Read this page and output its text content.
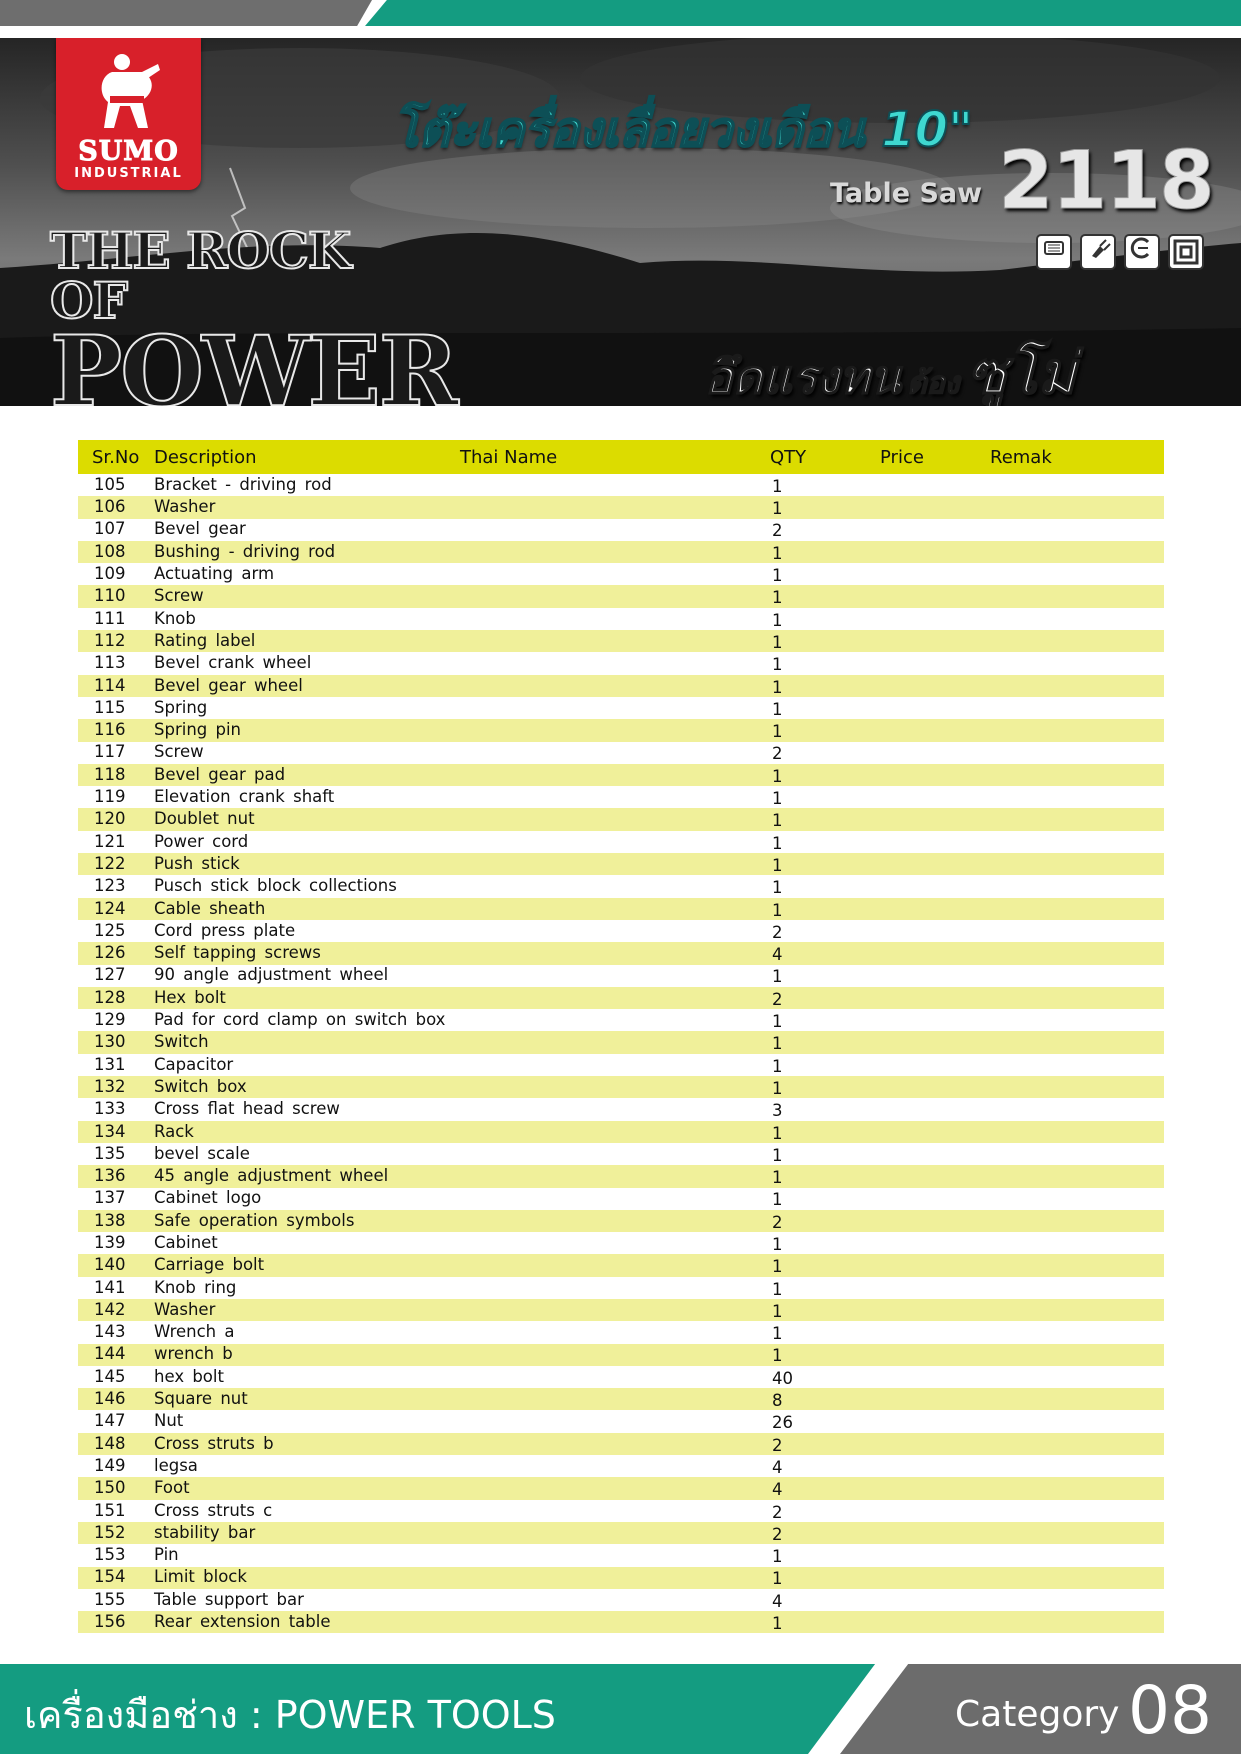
SUMO
INDUSTRIAL
THE ROCK OF
POWER
โต๊ะเครื่องเลื่อยวงเดือน 10"
Table Saw 2118
อึดแรงทน ต้อง ซูโม่
Sr.No	Description	Thai Name	QTY	Price	Remak
105	Bracket - driving rod		1		
106	Washer		1		
107	Bevel gear		2		
108	Bushing - driving rod		1		
109	Actuating arm		1		
110	Screw		1		
111	Knob		1		
112	Rating label		1		
113	Bevel crank wheel		1		
114	Bevel gear wheel		1		
115	Spring		1		
116	Spring pin		1		
117	Screw		2		
118	Bevel gear pad		1		
119	Elevation crank shaft		1		
120	Doublet nut		1		
121	Power cord		1		
122	Push stick		1		
123	Pusch stick block collections		1		
124	Cable sheath		1		
125	Cord press plate		2		
126	Self tapping screws		4		
127	90 angle adjustment wheel		1		
128	Hex bolt		2		
129	Pad for cord clamp on switch box		1		
130	Switch		1		
131	Capacitor		1		
132	Switch box		1		
133	Cross flat head screw		3		
134	Rack		1		
135	bevel scale		1		
136	45 angle adjustment wheel		1		
137	Cabinet logo		1		
138	Safe operation symbols		2		
139	Cabinet		1		
140	Carriage bolt		1		
141	Knob ring		1		
142	Washer		1		
143	Wrench a		1		
144	wrench b		1		
145	hex bolt		40		
146	Square nut		8		
147	Nut		26		
148	Cross struts b		2		
149	legsa		4		
150	Foot		4		
151	Cross struts c		2		
152	stability bar		2		
153	Pin		1		
154	Limit block		1		
155	Table support bar		4		
156	Rear extension table		1		
เครื่องมือช่าง : POWER TOOLS	Category 08
